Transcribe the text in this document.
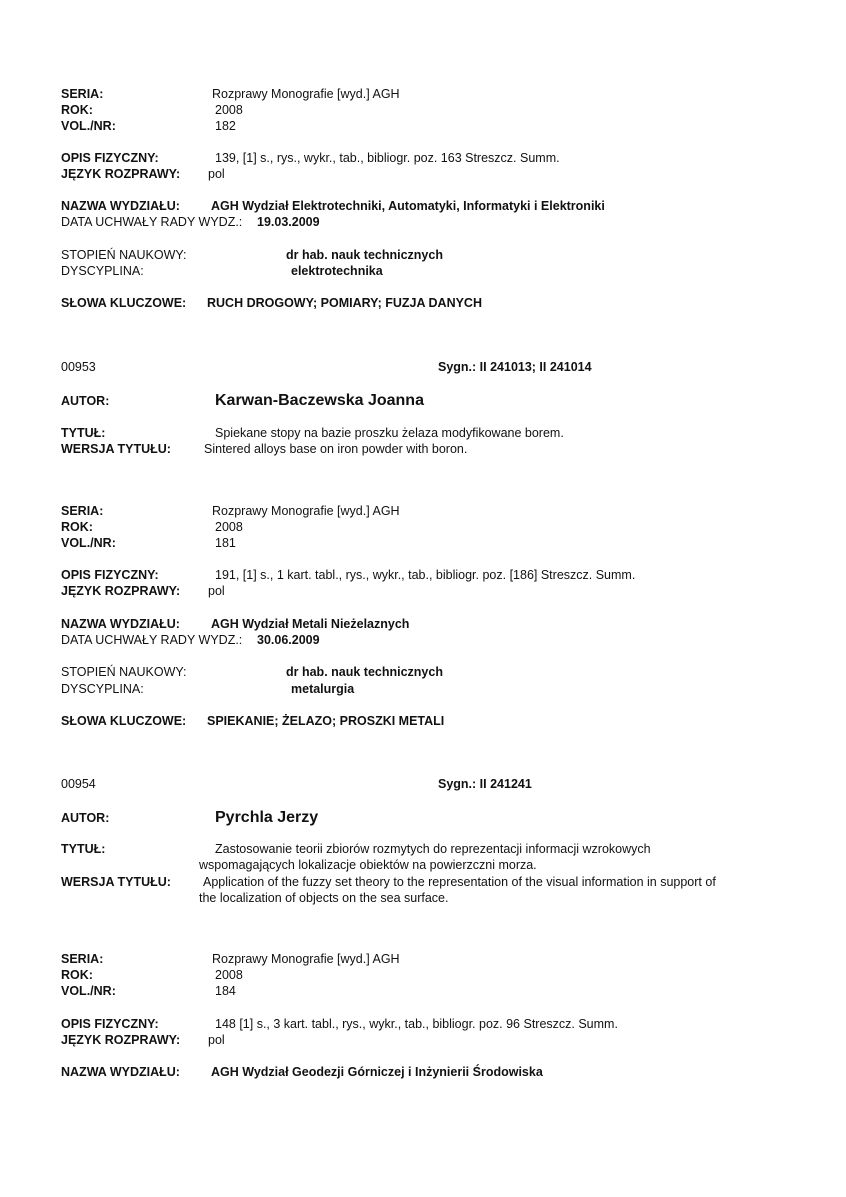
SERIA:	Rozprawy Monografie [wyd.] AGH
ROK:	2008
VOL./NR:	182
OPIS FIZYCZNY:	139, [1] s., rys., wykr., tab., bibliogr. poz. 163 Streszcz. Summ.
JĘZYK ROZPRAWY: pol
NAZWA WYDZIAŁU: AGH Wydział Elektrotechniki, Automatyki, Informatyki i Elektroniki
DATA UCHWAŁY RADY WYDZ.: 19.03.2009
STOPIEŃ NAUKOWY:	dr hab. nauk technicznych
DYSCYPLINA:	elektrotechnika
SŁOWA KLUCZOWE: RUCH DROGOWY; POMIARY; FUZJA DANYCH
00953	Sygn.: II 241013; II 241014
AUTOR:	Karwan-Baczewska Joanna
TYTUŁ:	Spiekane stopy na bazie proszku żelaza modyfikowane borem.
WERSJA TYTUŁU:	Sintered alloys base on iron powder with boron.
SERIA:	Rozprawy Monografie [wyd.] AGH
ROK:	2008
VOL./NR:	181
OPIS FIZYCZNY:	191, [1] s., 1 kart. tabl., rys., wykr., tab., bibliogr. poz. [186] Streszcz. Summ.
JĘZYK ROZPRAWY: pol
NAZWA WYDZIAŁU: AGH Wydział Metali Nieżelaznych
DATA UCHWAŁY RADY WYDZ.: 30.06.2009
STOPIEŃ NAUKOWY:	dr hab. nauk technicznych
DYSCYPLINA:	metalurgia
SŁOWA KLUCZOWE: SPIEKANIE; ŻELAZO; PROSZKI METALI
00954	Sygn.: II 241241
AUTOR:	Pyrchla Jerzy
TYTUŁ:	Zastosowanie teorii zbiorów rozmytych do reprezentacji informacji wzrokowych
wspomagających lokalizacje obiektów na powierzczni morza.
WERSJA TYTUŁU:	Application of the fuzzy set theory to the representation of the visual information in support of
the localization of objects on the sea surface.
SERIA:	Rozprawy Monografie [wyd.] AGH
ROK:	2008
VOL./NR:	184
OPIS FIZYCZNY:	148 [1] s., 3 kart. tabl., rys., wykr., tab., bibliogr. poz. 96 Streszcz. Summ.
JĘZYK ROZPRAWY: pol
NAZWA WYDZIAŁU: AGH Wydział Geodezji Górniczej i Inżynierii Środowiska
